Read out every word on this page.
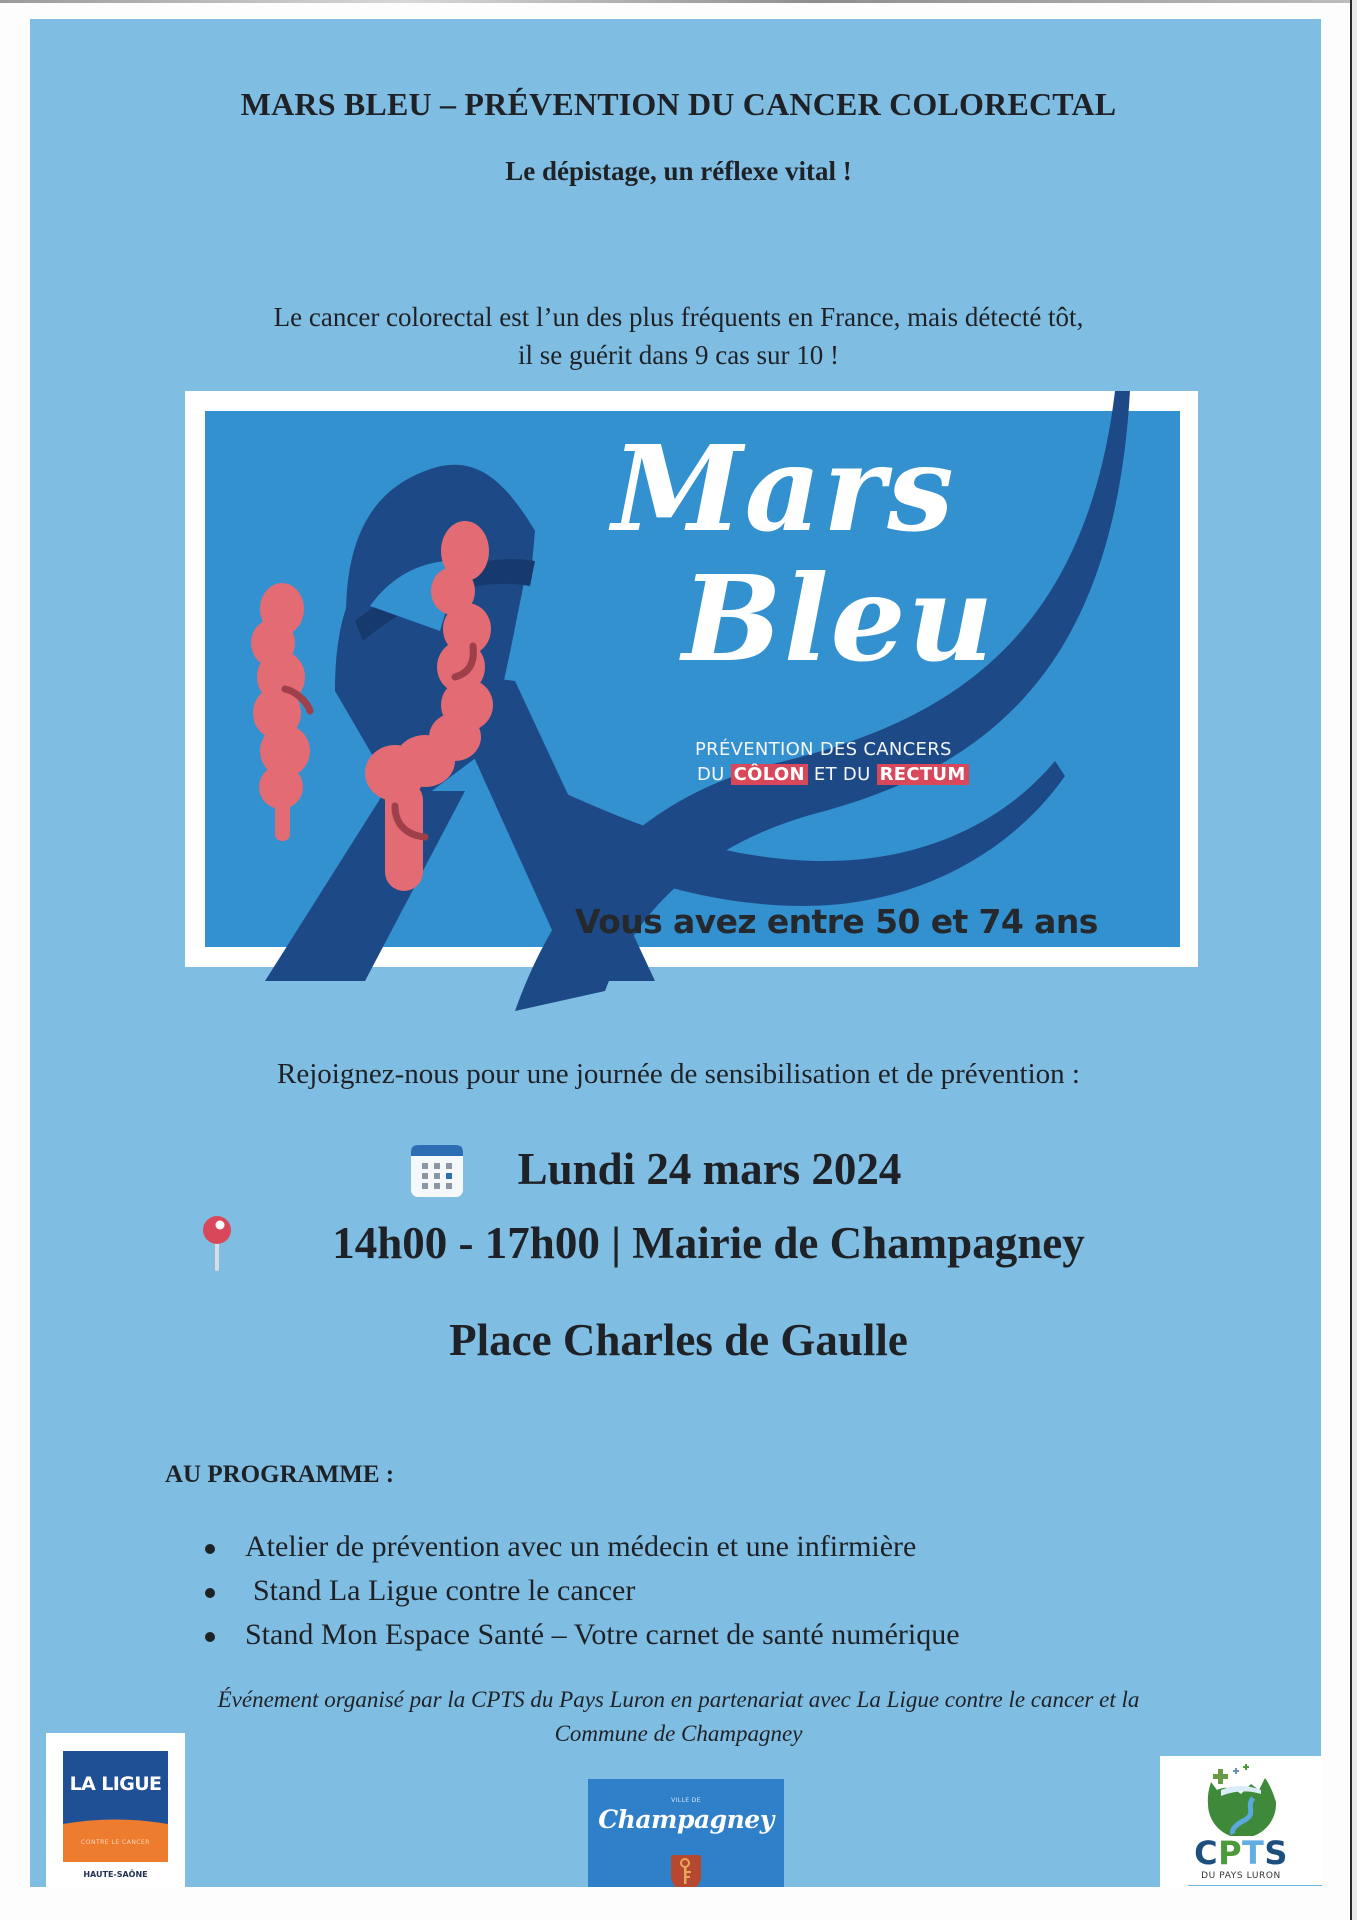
MARS BLEU – PRÉVENTION DU CANCER COLORECTAL
Le dépistage, un réflexe vital !
Le cancer colorectal est l’un des plus fréquents en France, mais détecté tôt,
il se guérit dans 9 cas sur 10 !
Mars
Bleu
PRÉVENTION DES CANCERS
DU CÔLON ET DU RECTUM
Vous avez entre 50 et 74 ans
Rejoignez-nous pour une journée de sensibilisation et de prévention :
Lundi 24 mars 2024
14h00 - 17h00 | Mairie de Champagney
Place Charles de Gaulle
AU PROGRAMME :
Atelier de prévention avec un médecin et une infirmière
Stand La Ligue contre le cancer
Stand Mon Espace Santé – Votre carnet de santé numérique
Événement organisé par la CPTS du Pays Luron en partenariat avec La Ligue contre le cancer et la
Commune de Champagney
LA LIGUE
CONTRE LE CANCER
HAUTE-SAÔNE
VILLE DE
Champagney
CPTS
DU PAYS LURON
